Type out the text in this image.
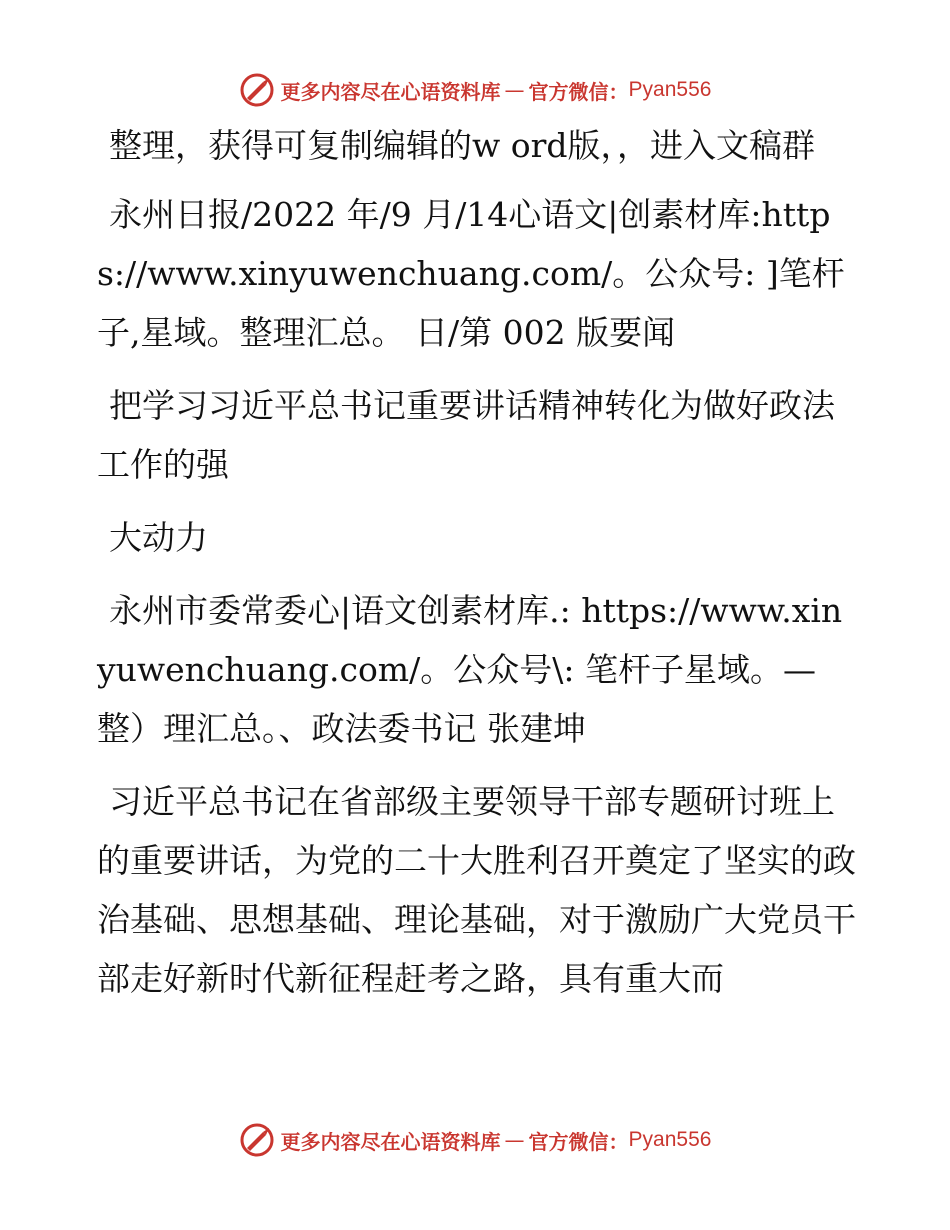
更多内容尽在心语资料库 — 官方微信： Pyan556

整理，获得可复制编辑的w ord版，，进入文稿群

永州日报/2022 年/9 月/14心语文|创素材库:https://www.xinyuwenchuang.com/。公众号: ]笔杆子,星域。整理汇总。 日/第 002 版要闻

把学习习近平总书记重要讲话精神转化为做好政法工作的强

大动力

永州市委常委心|语文创素材库.: https://www.xinyuwenchuang.com/。公众号\: 笔杆子星域。—整）理汇总。、政法委书记 张建坤

习近平总书记在省部级主要领导干部专题研讨班上的重要讲话，为党的二十大胜利召开奠定了坚实的政治基础、思想基础、理论基础，对于激励广大党员干部走好新时代新征程赶考之路，具有重大而

更多内容尽在心语资料库 — 官方微信： Pyan556
